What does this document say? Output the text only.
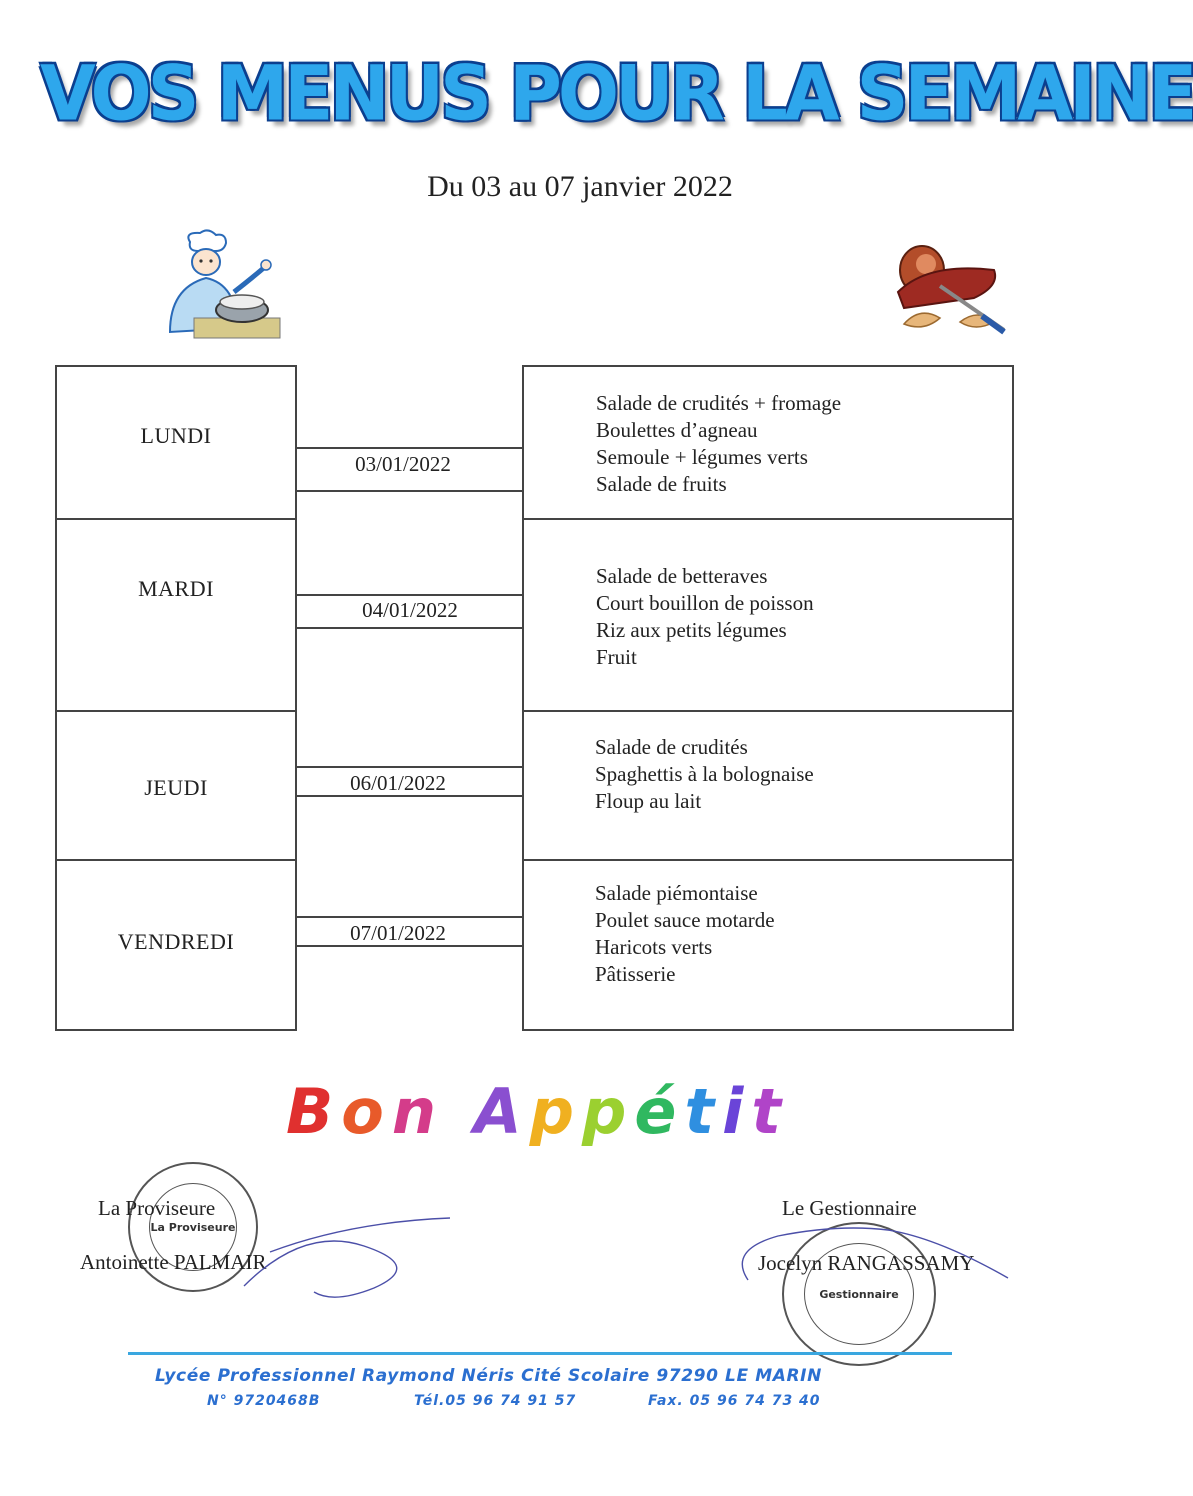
VOS MENUS POUR LA SEMAINE
Du 03 au 07 janvier 2022
LUNDI
MARDI
JEUDI
VENDREDI
03/01/2022
04/01/2022
06/01/2022
07/01/2022
Salade de crudités + fromage
Boulettes d’agneau
Semoule + légumes verts
Salade de fruits
Salade de betteraves
Court bouillon de poisson
Riz aux petits légumes
Fruit
Salade de crudités
Spaghettis à la bolognaise
Floup au lait
Salade piémontaise
Poulet sauce motarde
Haricots verts
Pâtisserie
Bon Appétit
La Proviseure
La Proviseure
Antoinette PALMAIR
Gestionnaire
Le Gestionnaire
Jocelyn RANGASSAMY
Lycée Professionnel Raymond Néris Cité Scolaire 97290 LE MARIN
N° 9720468B	Tél.05 96 74 91 57	Fax. 05 96 74 73 40
